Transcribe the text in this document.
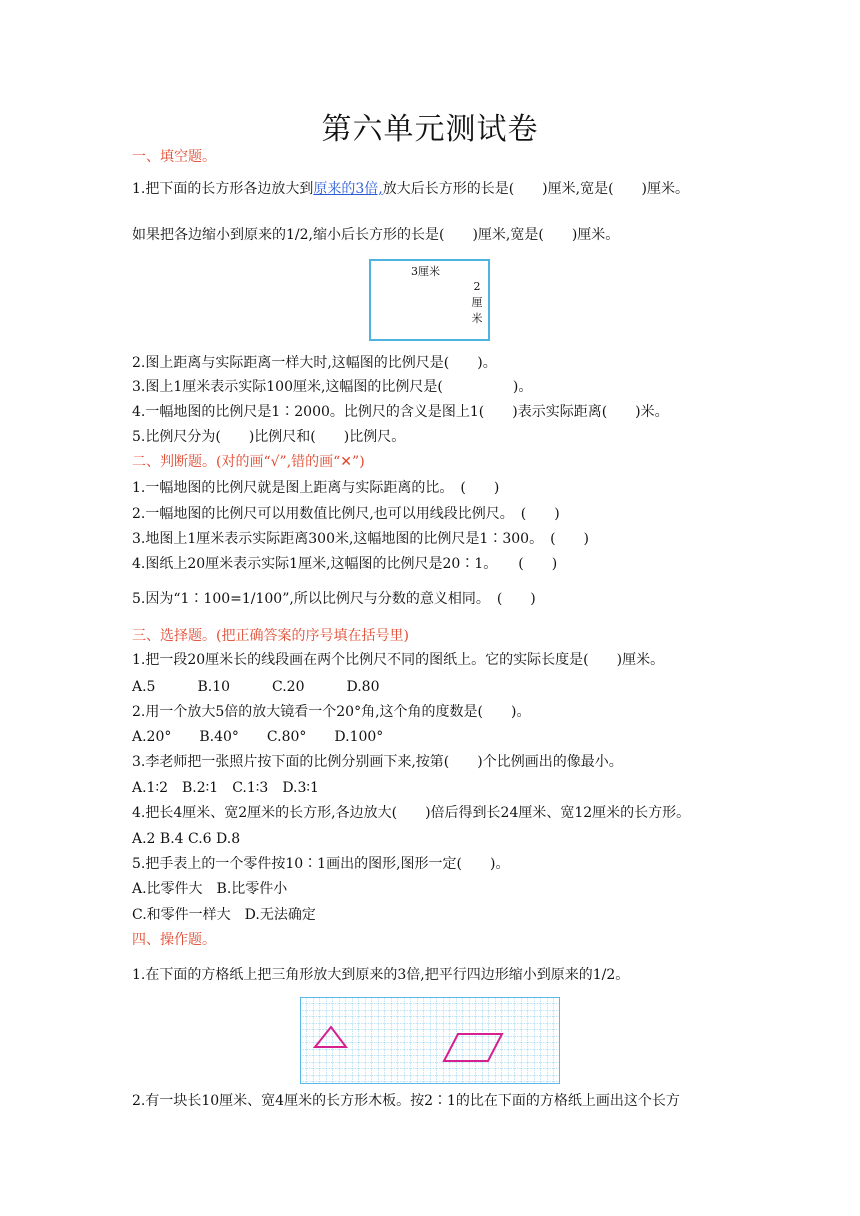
第六单元测试卷
一、填空题。
1.把下面的长方形各边放大到原来的3倍,放大后长方形的长是(　　)厘米,宽是(　　)厘米。
如果把各边缩小到原来的1/2,缩小后长方形的长是(　　)厘米,宽是(　　)厘米。
3厘米
2
厘
米
2.图上距离与实际距离一样大时,这幅图的比例尺是(　　)。
3.图上1厘米表示实际100厘米,这幅图的比例尺是(　　　　　)。
4.一幅地图的比例尺是1∶2000。比例尺的含义是图上1(　　)表示实际距离(　　)米。
5.比例尺分为(　　)比例尺和(　　)比例尺。
二、判断题。(对的画“√”,错的画“✕”)
1.一幅地图的比例尺就是图上距离与实际距离的比。　(　　)
2.一幅地图的比例尺可以用数值比例尺,也可以用线段比例尺。　(　　)
3.地图上1厘米表示实际距离300米,这幅地图的比例尺是1∶300。　(　　)
4.图纸上20厘米表示实际1厘米,这幅图的比例尺是20∶1。　　(　　)
5.因为“1∶100=1/100”,所以比例尺与分数的意义相同。　(　　)
三、选择题。(把正确答案的序号填在括号里)
1.把一段20厘米长的线段画在两个比例尺不同的图纸上。它的实际长度是(　　)厘米。
A.5　　　B.10　　　C.20　　　D.80
2.用一个放大5倍的放大镜看一个20°角,这个角的度数是(　　)。
A.20°　　B.40°　　C.80°　　D.100°
3.李老师把一张照片按下面的比例分别画下来,按第(　　)个比例画出的像最小。
A.1∶2　B.2∶1　C.1∶3　D.3∶1
4.把长4厘米、宽2厘米的长方形,各边放大(　　)倍后得到长24厘米、宽12厘米的长方形。
A.2 B.4 C.6 D.8
5.把手表上的一个零件按10∶1画出的图形,图形一定(　　)。
A.比零件大　B.比零件小
C.和零件一样大　D.无法确定
四、操作题。
1.在下面的方格纸上把三角形放大到原来的3倍,把平行四边形缩小到原来的1/2。
2.有一块长10厘米、宽4厘米的长方形木板。按2∶1的比在下面的方格纸上画出这个长方
